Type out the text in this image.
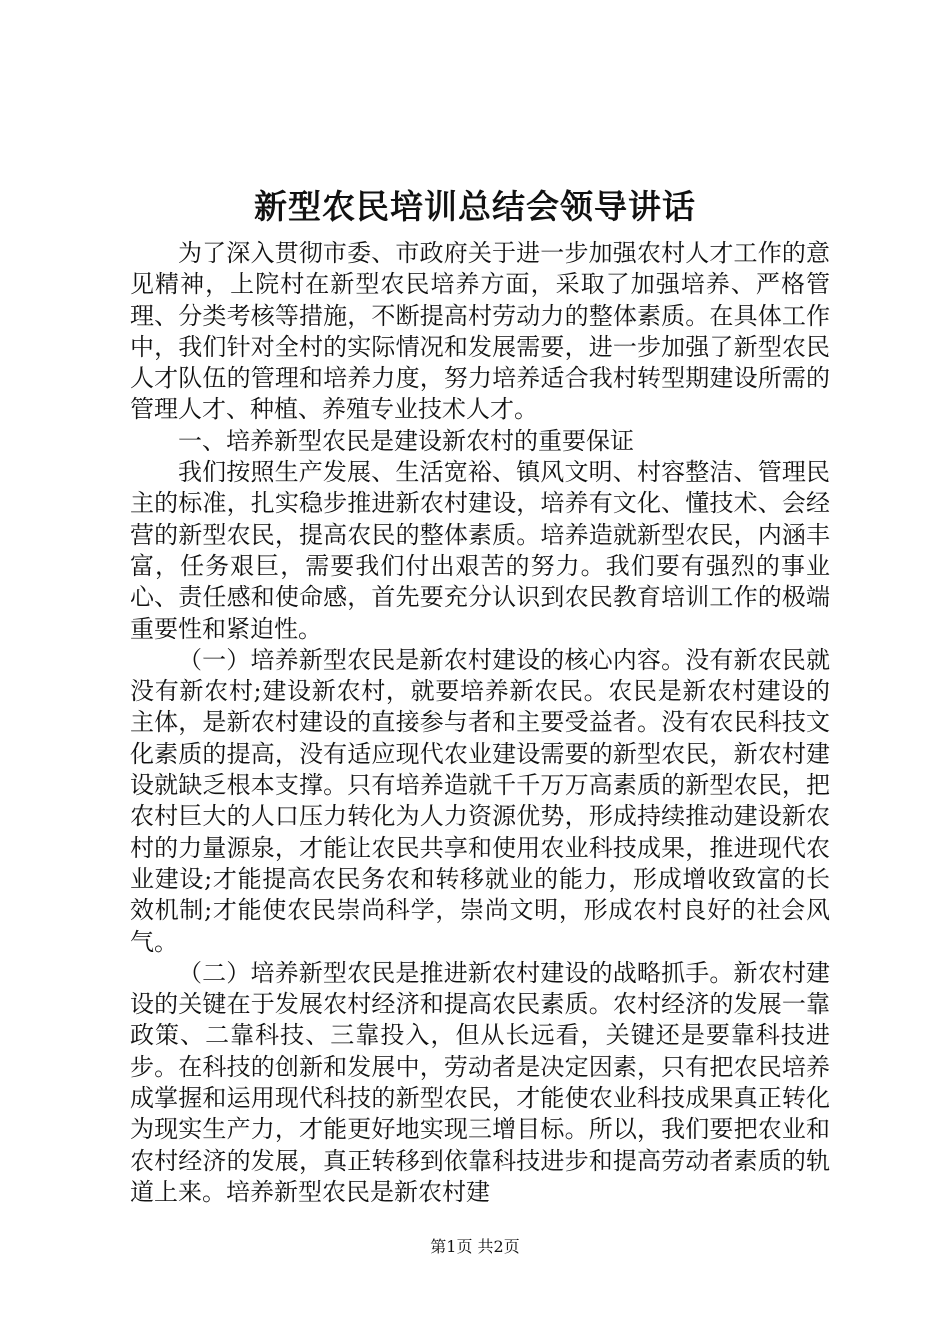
新型农民培训总结会领导讲话

为了深入贯彻市委、市政府关于进一步加强农村人才工作的意见精神，上院村在新型农民培养方面，采取了加强培养、严格管理、分类考核等措施，不断提高村劳动力的整体素质。在具体工作中，我们针对全村的实际情况和发展需要，进一步加强了新型农民人才队伍的管理和培养力度，努力培养适合我村转型期建设所需的管理人才、种植、养殖专业技术人才。

一、培养新型农民是建设新农村的重要保证

我们按照生产发展、生活宽裕、镇风文明、村容整洁、管理民主的标准，扎实稳步推进新农村建设，培养有文化、懂技术、会经营的新型农民，提高农民的整体素质。培养造就新型农民，内涵丰富，任务艰巨，需要我们付出艰苦的努力。我们要有强烈的事业心、责任感和使命感，首先要充分认识到农民教育培训工作的极端重要性和紧迫性。

（一）培养新型农民是新农村建设的核心内容。没有新农民就没有新农村;建设新农村，就要培养新农民。农民是新农村建设的主体，是新农村建设的直接参与者和主要受益者。没有农民科技文化素质的提高，没有适应现代农业建设需要的新型农民，新农村建设就缺乏根本支撑。只有培养造就千千万万高素质的新型农民，把农村巨大的人口压力转化为人力资源优势，形成持续推动建设新农村的力量源泉，才能让农民共享和使用农业科技成果，推进现代农业建设;才能提高农民务农和转移就业的能力，形成增收致富的长效机制;才能使农民崇尚科学，崇尚文明，形成农村良好的社会风气。

（二）培养新型农民是推进新农村建设的战略抓手。新农村建设的关键在于发展农村经济和提高农民素质。农村经济的发展一靠政策、二靠科技、三靠投入，但从长远看，关键还是要靠科技进步。在科技的创新和发展中，劳动者是决定因素，只有把农民培养成掌握和运用现代科技的新型农民，才能使农业科技成果真正转化为现实生产力，才能更好地实现三增目标。所以，我们要把农业和农村经济的发展，真正转移到依靠科技进步和提高劳动者素质的轨道上来。培养新型农民是新农村建

第1页 共2页
